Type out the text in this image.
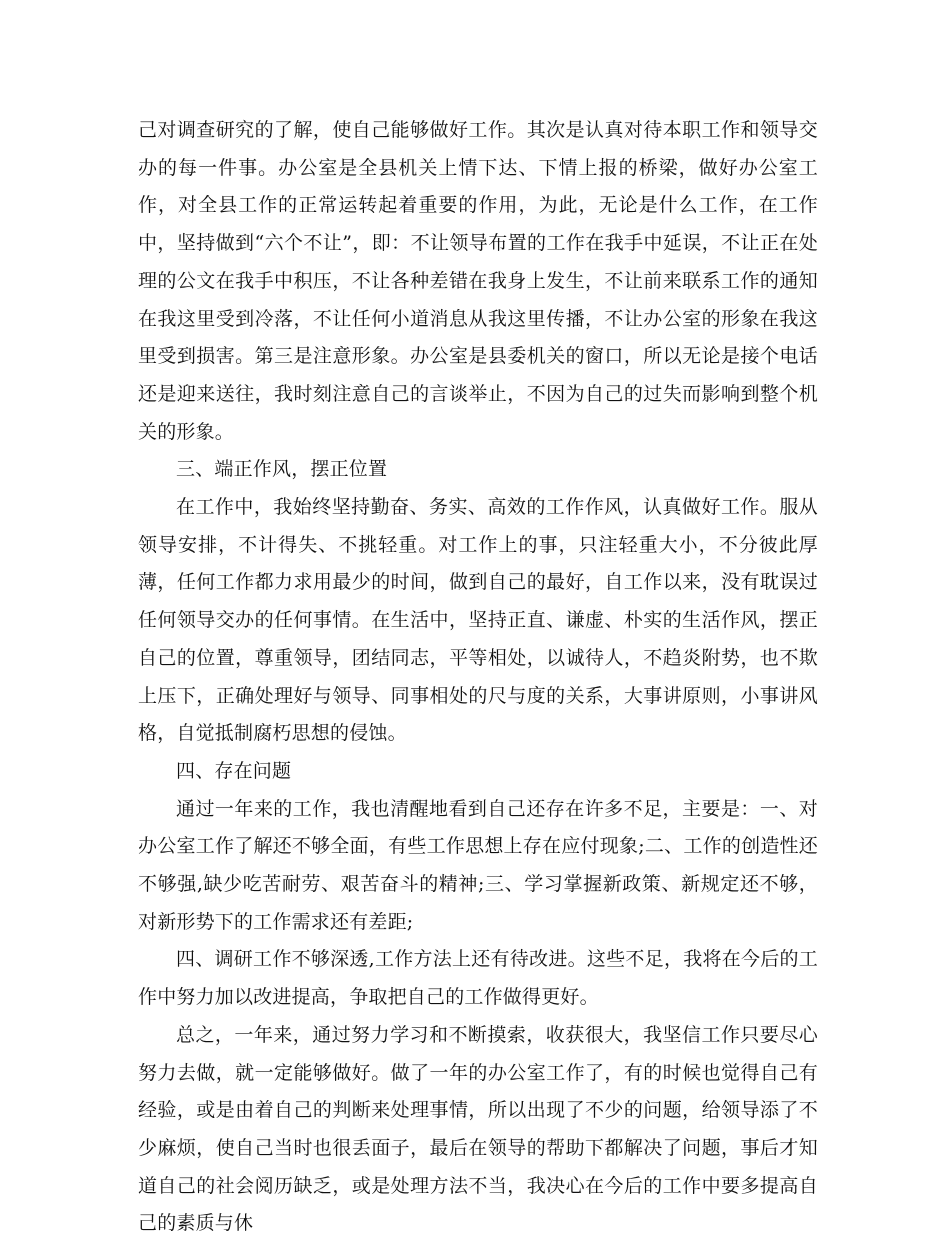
己对调查研究的了解，使自己能够做好工作。其次是认真对待本职工作和领导交办的每一件事。办公室是全县机关上情下达、下情上报的桥梁，做好办公室工作，对全县工作的正常运转起着重要的作用，为此，无论是什么工作，在工作中，坚持做到“六个不让”，即：不让领导布置的工作在我手中延误，不让正在处理的公文在我手中积压，不让各种差错在我身上发生，不让前来联系工作的通知在我这里受到冷落，不让任何小道消息从我这里传播，不让办公室的形象在我这里受到损害。第三是注意形象。办公室是县委机关的窗口，所以无论是接个电话还是迎来送往，我时刻注意自己的言谈举止，不因为自己的过失而影响到整个机关的形象。

三、端正作风，摆正位置

在工作中，我始终坚持勤奋、务实、高效的工作作风，认真做好工作。服从领导安排，不计得失、不挑轻重。对工作上的事，只注轻重大小，不分彼此厚薄，任何工作都力求用最少的时间，做到自己的最好，自工作以来，没有耽误过任何领导交办的任何事情。在生活中，坚持正直、谦虚、朴实的生活作风，摆正自己的位置，尊重领导，团结同志，平等相处，以诚待人，不趋炎附势，也不欺上压下，正确处理好与领导、同事相处的尺与度的关系，大事讲原则，小事讲风格，自觉抵制腐朽思想的侵蚀。

四、存在问题

通过一年来的工作，我也清醒地看到自己还存在许多不足，主要是：一、对办公室工作了解还不够全面，有些工作思想上存在应付现象;二、工作的创造性还不够强,缺少吃苦耐劳、艰苦奋斗的精神;三、学习掌握新政策、新规定还不够，对新形势下的工作需求还有差距;

四、调研工作不够深透,工作方法上还有待改进。这些不足，我将在今后的工作中努力加以改进提高，争取把自己的工作做得更好。

总之，一年来，通过努力学习和不断摸索，收获很大，我坚信工作只要尽心努力去做，就一定能够做好。做了一年的办公室工作了，有的时候也觉得自己有经验，或是由着自己的判断来处理事情，所以出现了不少的问题，给领导添了不少麻烦，使自己当时也很丢面子，最后在领导的帮助下都解决了问题，事后才知道自己的社会阅历缺乏，或是处理方法不当，我决心在今后的工作中要多提高自己的素质与休
